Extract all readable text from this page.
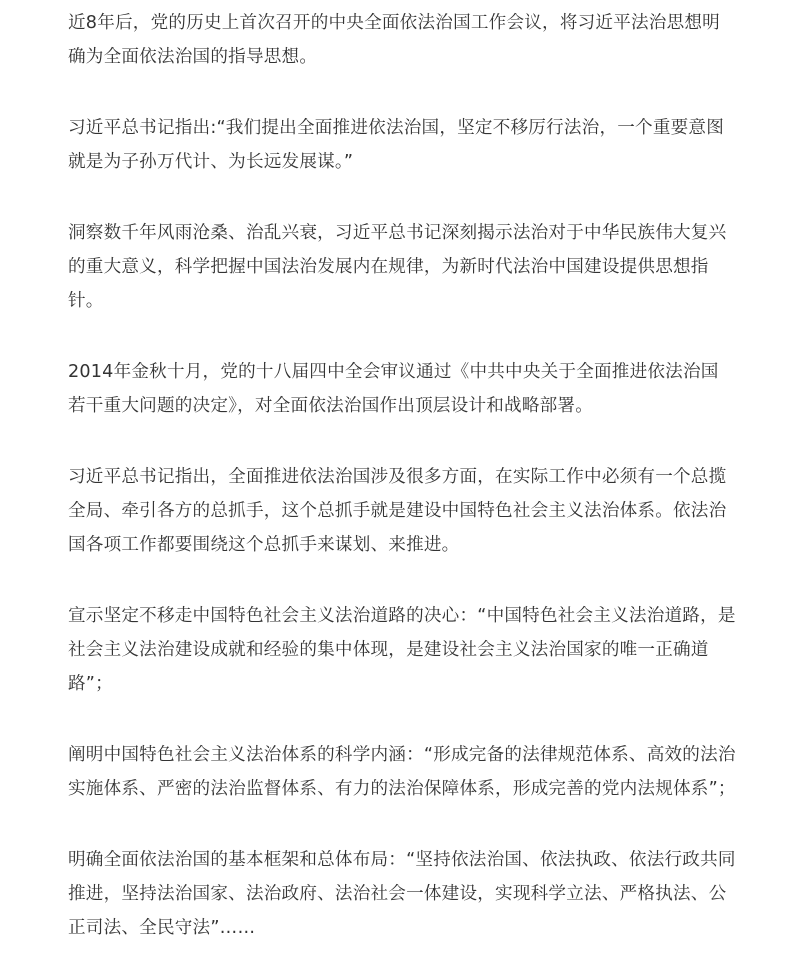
近8年后，党的历史上首次召开的中央全面依法治国工作会议，将习近平法治思想明确为全面依法治国的指导思想。

习近平总书记指出:“我们提出全面推进依法治国，坚定不移厉行法治，一个重要意图就是为子孙万代计、为长远发展谋。”

洞察数千年风雨沧桑、治乱兴衰，习近平总书记深刻揭示法治对于中华民族伟大复兴的重大意义，科学把握中国法治发展内在规律，为新时代法治中国建设提供思想指针。

2014年金秋十月，党的十八届四中全会审议通过《中共中央关于全面推进依法治国若干重大问题的决定》，对全面依法治国作出顶层设计和战略部署。

习近平总书记指出，全面推进依法治国涉及很多方面，在实际工作中必须有一个总揽全局、牵引各方的总抓手，这个总抓手就是建设中国特色社会主义法治体系。依法治国各项工作都要围绕这个总抓手来谋划、来推进。

宣示坚定不移走中国特色社会主义法治道路的决心：“中国特色社会主义法治道路，是社会主义法治建设成就和经验的集中体现，是建设社会主义法治国家的唯一正确道路”；

阐明中国特色社会主义法治体系的科学内涵：“形成完备的法律规范体系、高效的法治实施体系、严密的法治监督体系、有力的法治保障体系，形成完善的党内法规体系”；

明确全面依法治国的基本框架和总体布局：“坚持依法治国、依法执政、依法行政共同推进，坚持法治国家、法治政府、法治社会一体建设，实现科学立法、严格执法、公正司法、全民守法”……
